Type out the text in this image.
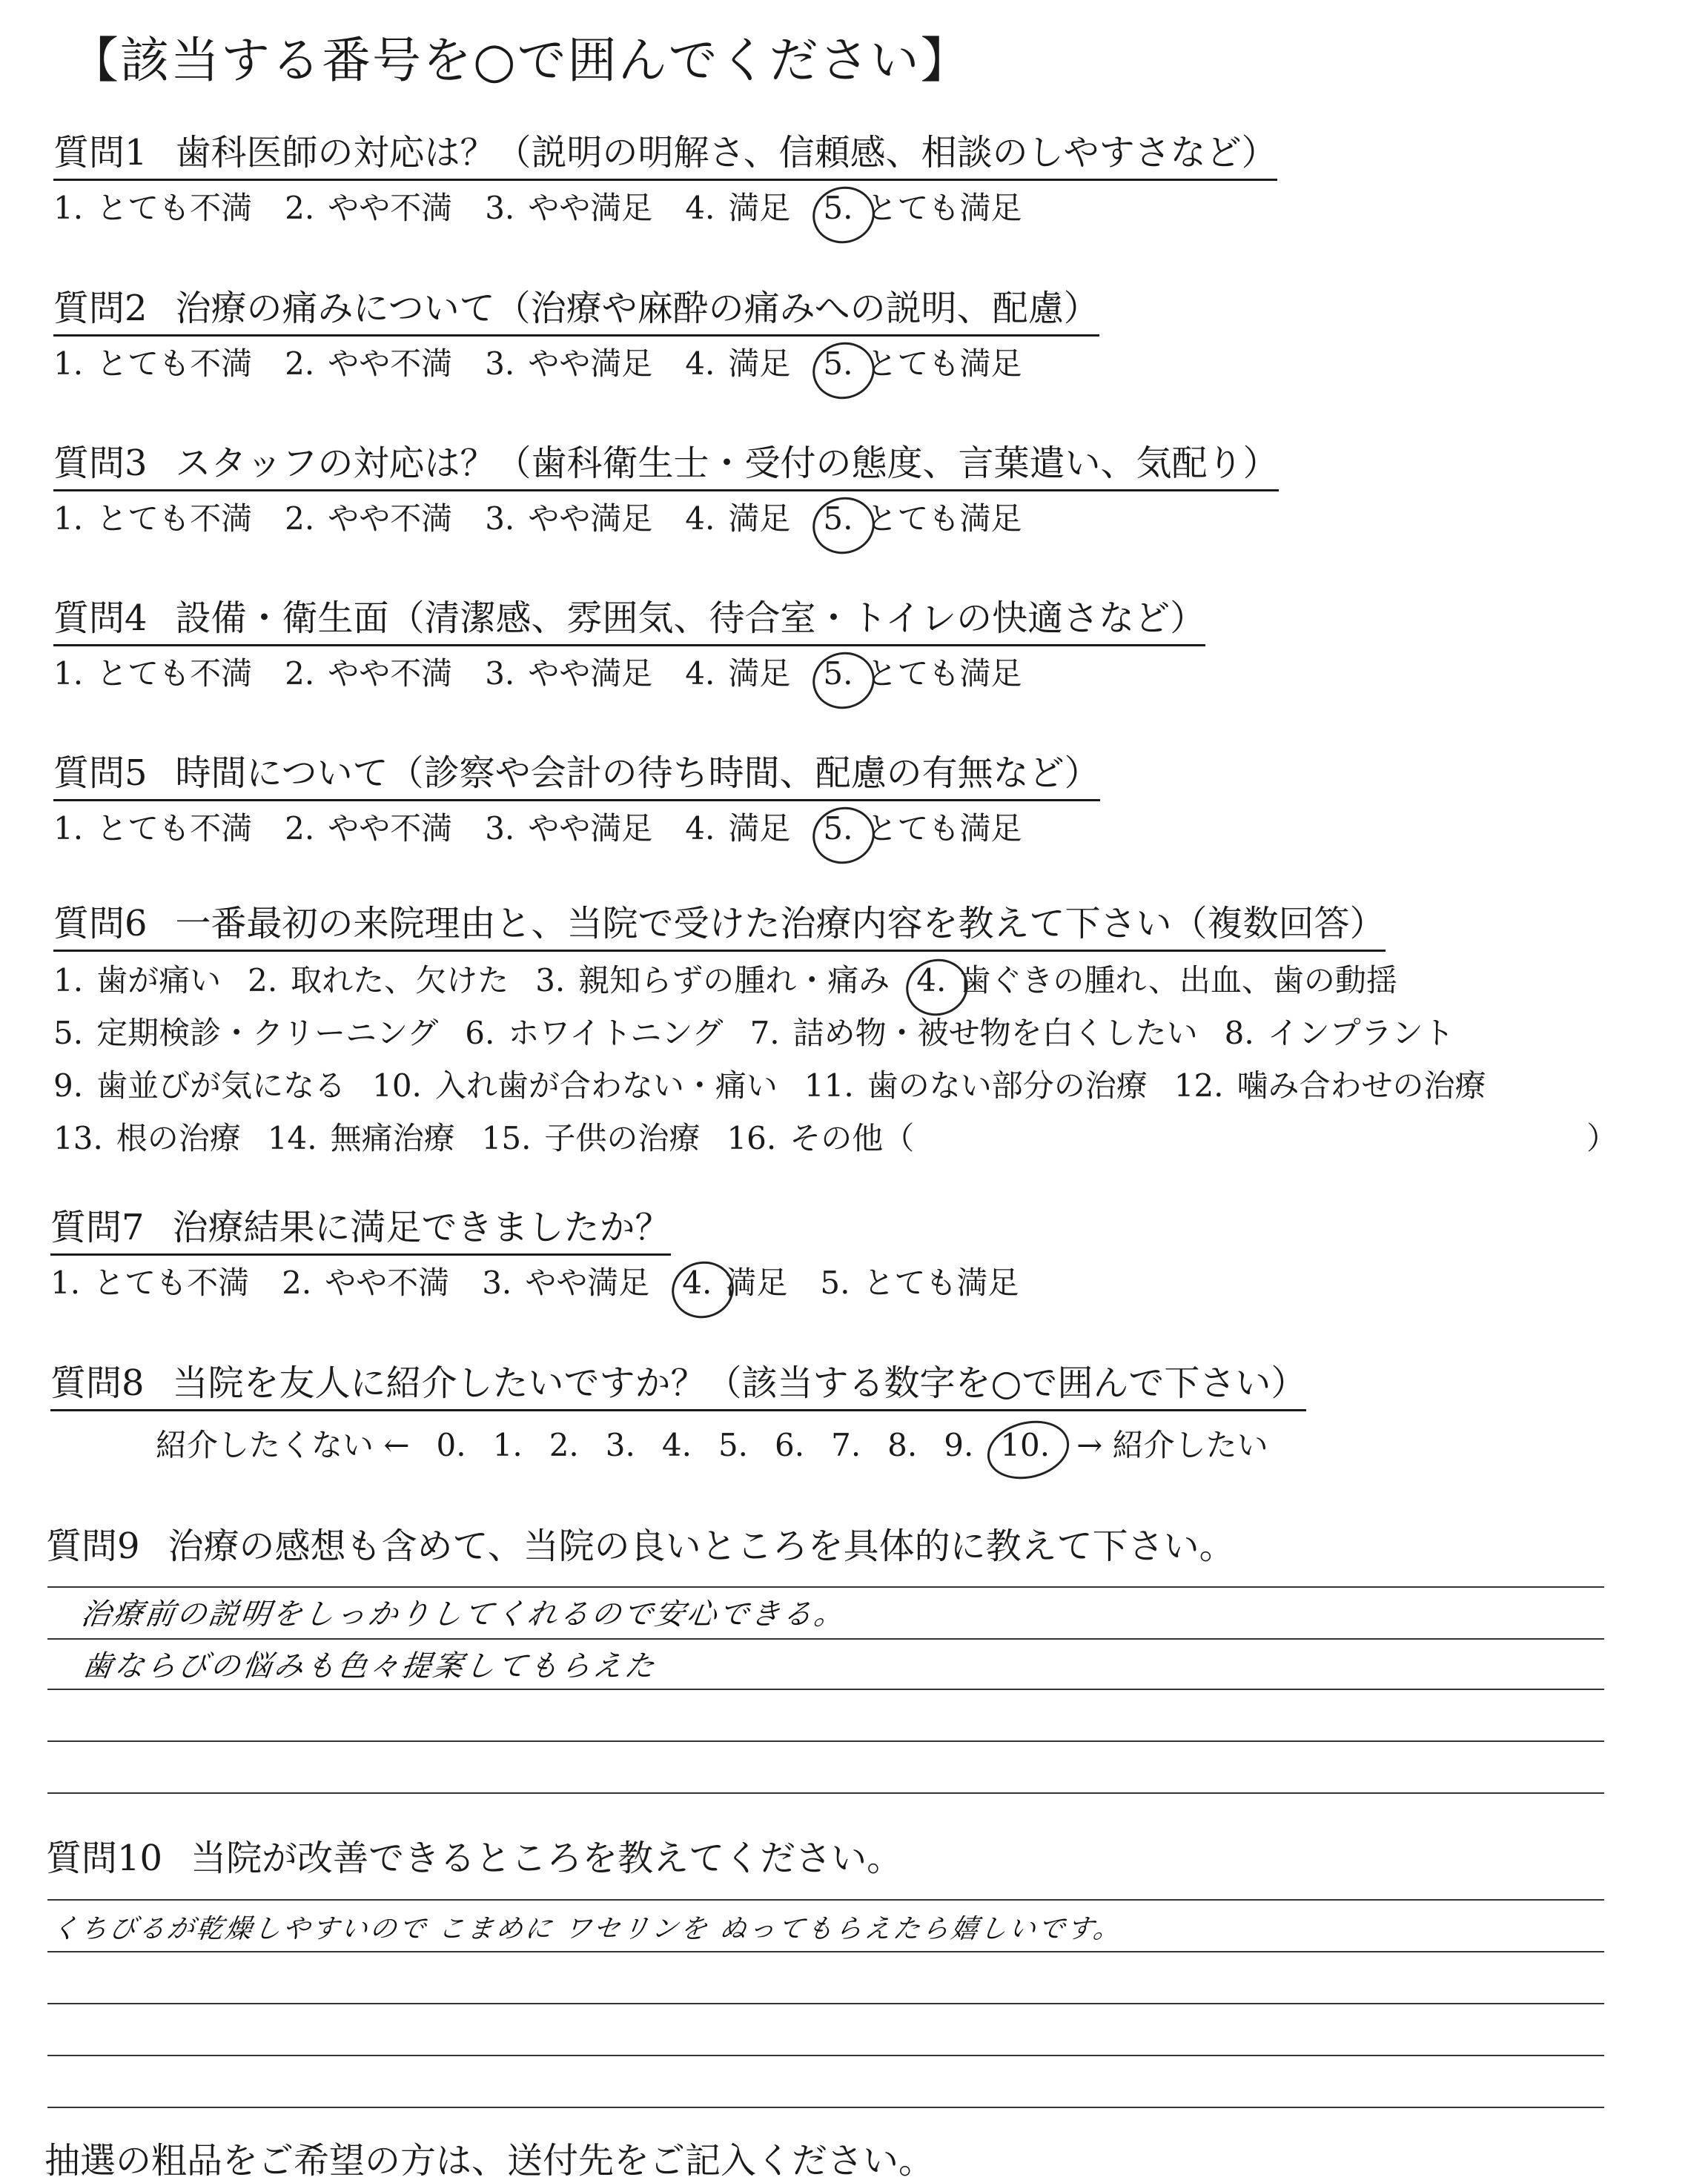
【該当する番号を○で囲んでください】
質問1 歯科医師の対応は？（説明の明解さ、信頼感、相談のしやすさなど）
1. とても不満 2. やや不満 3. やや満足 4. 満足 5. とても満足
質問2 治療の痛みについて（治療や麻酔の痛みへの説明、配慮）
1. とても不満 2. やや不満 3. やや満足 4. 満足 5. とても満足
質問3 スタッフの対応は？（歯科衛生士・受付の態度、言葉遣い、気配り）
1. とても不満 2. やや不満 3. やや満足 4. 満足 5. とても満足
質問4 設備・衛生面（清潔感、雰囲気、待合室・トイレの快適さなど）
1. とても不満 2. やや不満 3. やや満足 4. 満足 5. とても満足
質問5 時間について（診察や会計の待ち時間、配慮の有無など）
1. とても不満 2. やや不満 3. やや満足 4. 満足 5. とても満足
質問6 一番最初の来院理由と、当院で受けた治療内容を教えて下さい（複数回答）
1. 歯が痛い 2. 取れた、欠けた 3. 親知らずの腫れ・痛み 4. 歯ぐきの腫れ、出血、歯の動揺
5. 定期検診・クリーニング 6. ホワイトニング 7. 詰め物・被せ物を白くしたい 8. インプラント
9. 歯並びが気になる 10. 入れ歯が合わない・痛い 11. 歯のない部分の治療 12. 噛み合わせの治療
13. 根の治療 14. 無痛治療 15. 子供の治療 16. その他（	）
質問7 治療結果に満足できましたか？
1. とても不満 2. やや不満 3. やや満足 4. 満足 5. とても満足
質問8 当院を友人に紹介したいですか？（該当する数字を○で囲んで下さい）
紹介したくない ← 0. 1. 2. 3. 4. 5. 6. 7. 8. 9. 10. → 紹介したい
質問9 治療の感想も含めて、当院の良いところを具体的に教えて下さい。
治療前の説明をしっかりしてくれるので安心できる。
歯ならびの悩みも色々提案してもらえた
質問10 当院が改善できるところを教えてください。
くちびるが乾燥しやすいので こまめに ワセリンを ぬってもらえたら嬉しいです。
抽選の粗品をご希望の方は、送付先をご記入ください。
